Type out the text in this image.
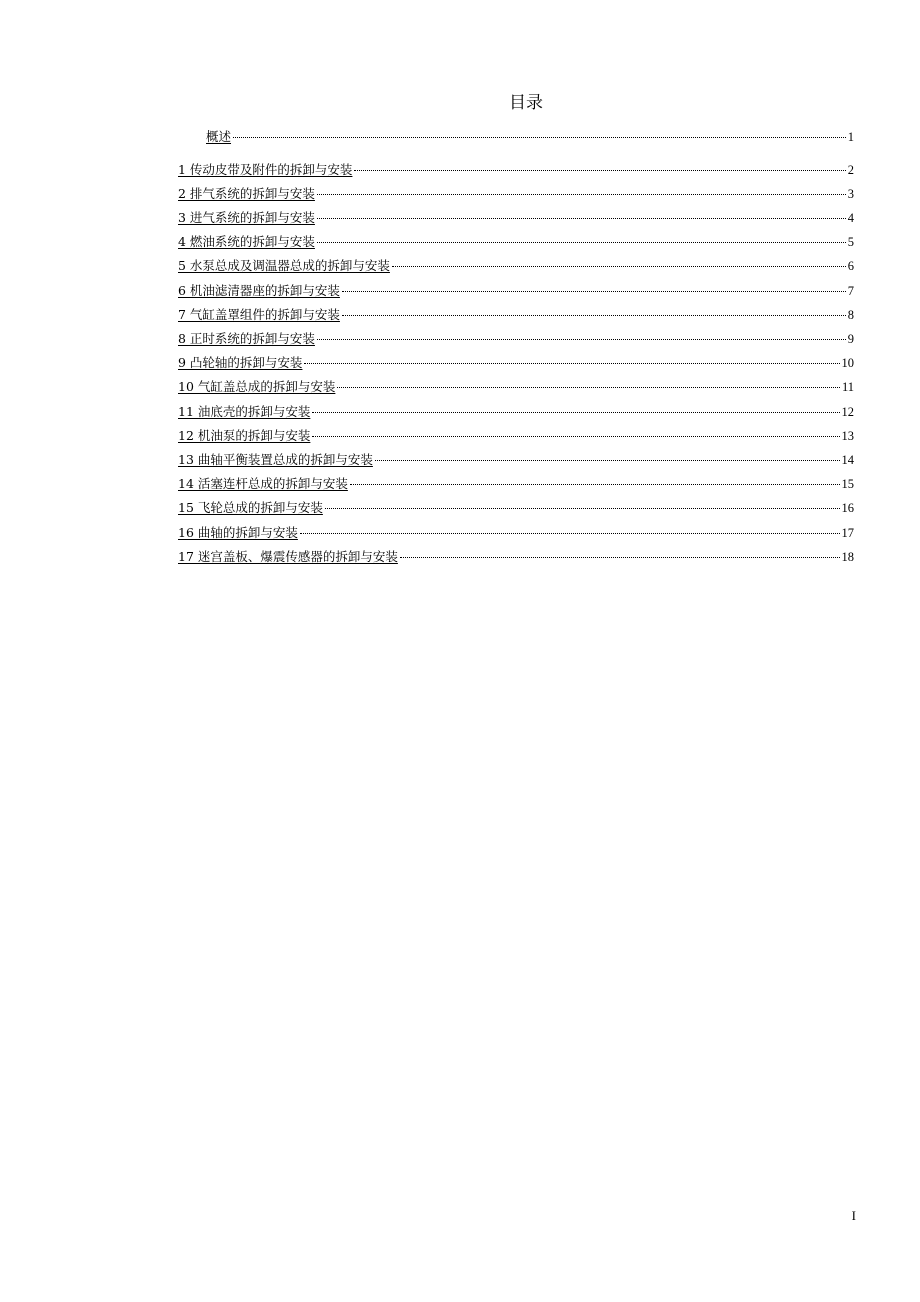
目录
概述	1
1 传动皮带及附件的拆卸与安装	2
2 排气系统的拆卸与安装	3
3 进气系统的拆卸与安装	4
4 燃油系统的拆卸与安装	5
5 水泵总成及调温器总成的拆卸与安装	6
6 机油滤清器座的拆卸与安装	7
7 气缸盖罩组件的拆卸与安装	8
8 正时系统的拆卸与安装	9
9 凸轮轴的拆卸与安装	10
10 气缸盖总成的拆卸与安装	11
11 油底壳的拆卸与安装	12
12 机油泵的拆卸与安装	13
13 曲轴平衡装置总成的拆卸与安装	14
14 活塞连杆总成的拆卸与安装	15
15 飞轮总成的拆卸与安装	16
16 曲轴的拆卸与安装	17
17 迷宫盖板、爆震传感器的拆卸与安装	18
I
